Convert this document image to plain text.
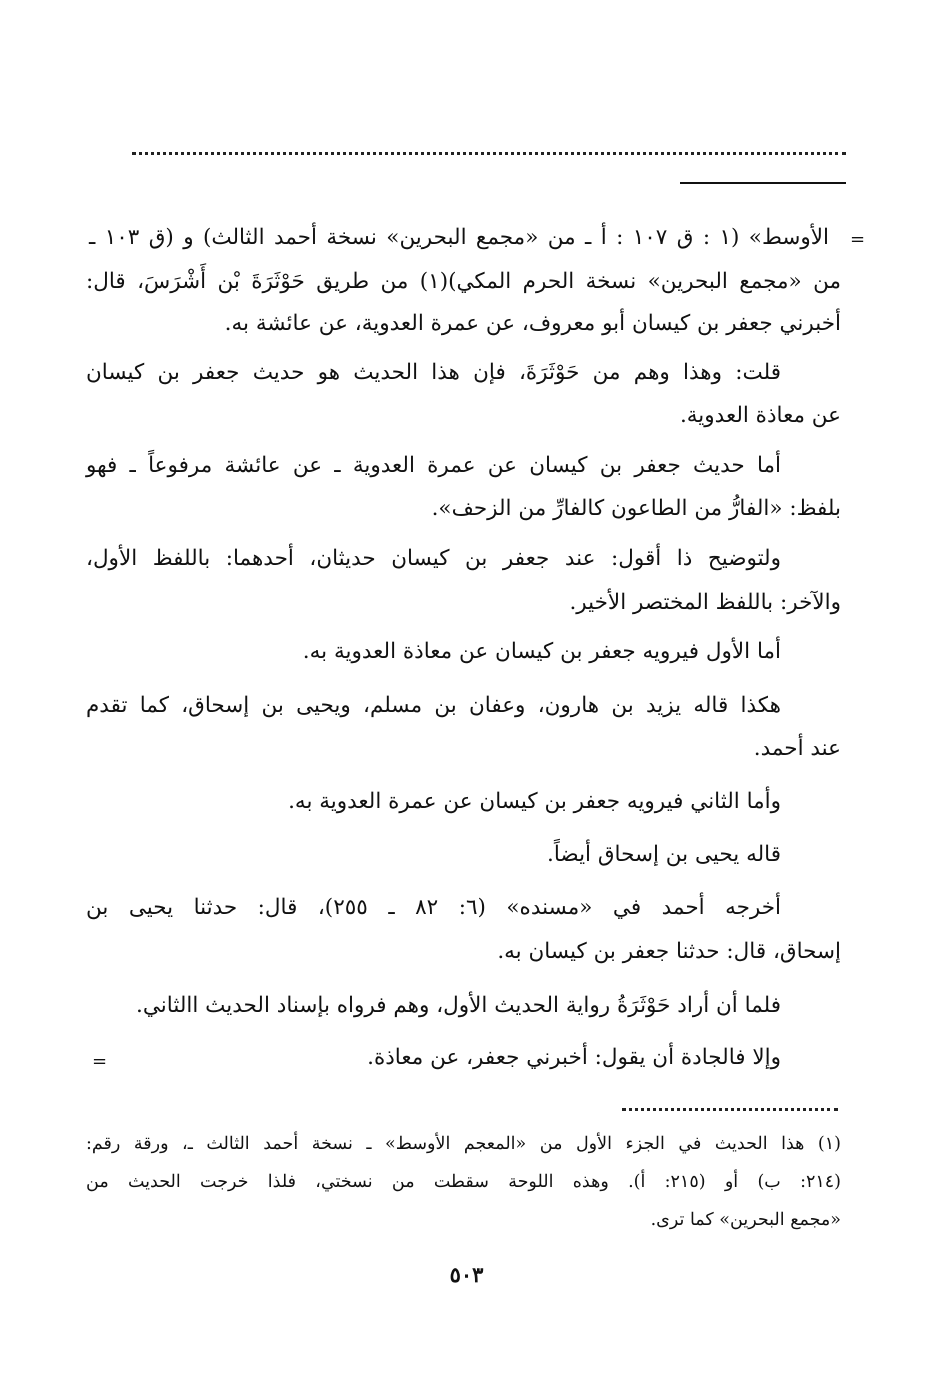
=
الأوسط» (١ : ق ١٠٧ : أ ـ من «مجمع البحرين» نسخة أحمد الثالث) و (ق ١٠٣ ـ
من «مجمع البحرين» نسخة الحرم المكي)(١) من طريق حَوْثَرَةَ بْن أَشْرَسَ، قال:
أخبرني جعفر بن كيسان أبو معروف، عن عمرة العدوية، عن عائشة به.
قلت: وهذا وهم من حَوْثَرَةَ، فإن هذا الحديث هو حديث جعفر بن كيسان
عن معاذة العدوية.
أما حديث جعفر بن كيسان عن عمرة العدوية ـ عن عائشة مرفوعاً ـ فهو
بلفظ: «الفارُّ من الطاعون كالفارِّ من الزحف».
ولتوضيح ذا أقول: عند جعفر بن كيسان حديثان، أحدهما: باللفظ الأول،
والآخر: باللفظ المختصر الأخير.
أما الأول فيرويه جعفر بن كيسان عن معاذة العدوية به.
هكذا قاله يزيد بن هارون، وعفان بن مسلم، ويحيى بن إسحاق، كما تقدم
عند أحمد.
وأما الثاني فيرويه جعفر بن كيسان عن عمرة العدوية به.
قاله يحيى بن إسحاق أيضاً.
أخرجه أحمد في «مسنده» (٦: ٨٢ ـ ٢٥٥)، قال: حدثنا يحيى بن
إسحاق، قال: حدثنا جعفر بن كيسان به.
فلما أن أراد حَوْثَرَةُ رواية الحديث الأول، وهم فرواه بإسناد الحديث االثاني.
وإلا فالجادة أن يقول: أخبرني جعفر، عن معاذة.
=
(١) هذا الحديث في الجزء الأول من «المعجم الأوسط» ـ نسخة أحمد الثالث ـ، ورقة رقم:
(٢١٤: ب) أو (٢١٥: أ). وهذه اللوحة سقطت من نسختي، فلذا خرجت الحديث من
«مجمع البحرين» كما ترى.
٥٠٣
